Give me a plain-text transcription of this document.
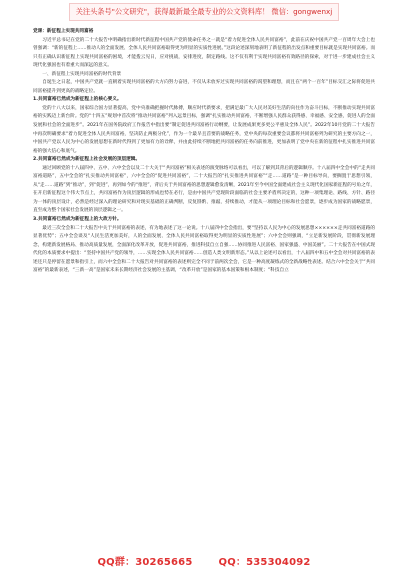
关注头条号"公文研究"，获得最新最全最专业的公文资料库！ 微信：gongwenxj

党课：新征程上实现共同富裕

习近平总书记在党的二十大报告中明确指出新时代新征程中国共产党的使命任务之一就是“着力促进全体人民共同富裕”，此前在庆祝中国共产党一百周年大会上也曾强调：“新的征程上……推动人的全面发展、全体人民共同富裕取得更为明显的实质性进展。”这段论述深刻地表明了新征程的出发点和重要目标就是实现共同富裕。而只有正确认识新征程上实现共同富裕的困境，才能拨云见日，应对挑战，安排进度，制定路线。这不仅有利于实现共同富裕有效路径的探索，对于进一步建成社会主义现代化强国也有着重大而深远的意义。

一、新征程上实现共同富裕的时代背景

自诞生之日起，中国共产党就一直朝着实现共同富裕的大方向努力奋进，不仅从未放弃过实现共同富裕的渴望和理想，而且在“两个一百年”目标交汇之际将促进共同富裕提升到更高的战略定位。

1.共同富裕已然成为新征程上的核心要义。

党的十八大以来，国家综合国力显著提高，党中央准确把握时代脉搏，顺应时代新要求，把满足最广大人民对美好生活的向往作为奋斗目标，不断推动实现共同富裕的实践迈上新台阶。党的“十四五”规划中首次将“推动共同富裕”列入远景目标，强调“扎实推动共同富裕，不断增强人民群众获得感、幸福感、安全感，促进人的全面发展和社会的全面进步”。2021年在国务院政府工作报告中指出要“制定促进共同富裕行动纲要，让发展成果更多更公平惠及全体人民”。2022年10月党的二十大报告中再次明确要求“着力促进全体人民共同富裕，坚决防止两极分化”，作为一个最早且首要的战略任务，党中央的每次重要会议都将共同富裕列为研究的主要方向之一，中国共产党以人民为中心的发展思想在新时代得到了更加有力的诠释，并由此持续不断地把共同富裕的任务向前推进，更加表明了党中央在新的征程中扎实推进共同富裕的强大信心和底气。

2.共同富裕已然成为新征程上社会发展的顶层逻辑。

通过回顾党的十八届四中、五中、六中全会以及二十大关于“共同富裕”相关表述的演变脉络可以看出，可以了解到其背后的逻辑顺序。十八届四中全会中的“走共同富裕道路”，五中全会的“扎实推动共同富裕”，六中全会的“促进共同富裕”，二十大报告的“扎实推进共同富裕”“走……道路”是一种目标导向，要搁置于思想引领，从“走……道路”到“推动”，到“促进”，再到如今的“推进”，背后关于共同富裕的思想逻辑愈发清晰，2021年至今中国全面建成社会主义现代化国家新征程的号角之年，在开启新征程这个伟大节点上，共同富裕作为顶层逻辑的形成也势在必行，是由中国共产党现阶段面临的社会主要矛盾所决定的，这种一项集理论、路线、方针、路径为一体的顶层设计，必然是经过深入的理论研究和对现实基础的正确判断，反复斟酌、推敲、持续推动，才能从一项理论目标和社会愿景，逐步成为国家的战略愿景，直至成为整个国家社会发展的顶层逻辑之一。

3.共同富裕已然成为新征程上的大政方针。

最近三次全会和二十大报告中关于共同富裕的表述，有为地表述了这一论说。十八届四中全会指出，要“坚持以人民为中心的发展思想××××××走共同富裕道路的显著优势”；五中全会谈及“人民生活更加美好，人的全面发展、全体人民共同富裕取得更为明显的实质性进展”；六中全会则强调，“立足新发展阶段，贯彻新发展理念，构建新发展格局、推动高质量发展，全面深化改革开放，促进共同富裕，推进科技自立自强……协同推进人民富裕、国家强盛、中国美丽”。二十大报告在中国式现代化的本质要求中提出：“坚持中国共产党的领导，……实现全体人民共同富裕……创造人类文明新形态。”从以上论述可以看出，十八届四中和五中全会对共同富裕的表述还只是停留在愿景和指引上，而六中全会和二十大报告对共同富裕的表述则完全不同于前两次全会，它是一种高度凝练式的全新战略性表述。结合六中全会关于“共同富裕”的最新表述，“三新一高”是国家未来长期经济社会发展的主基调，“改革开放”是国家的基本国策和根本制度；“科技自立

QQ群：30265665	QQ：535304092
